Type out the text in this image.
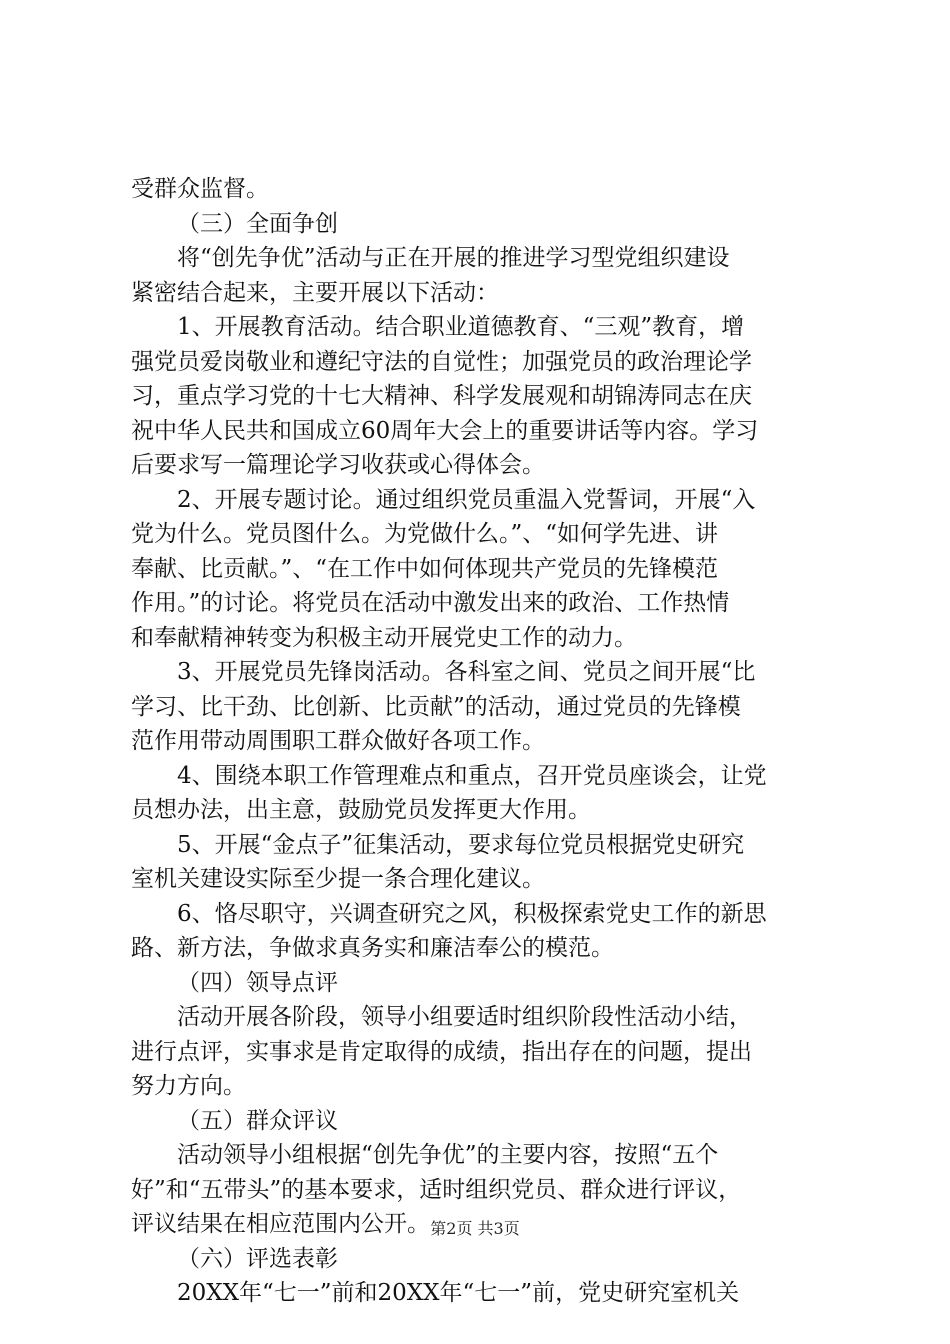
受群众监督。
（三）全面争创
将“创先争优”活动与正在开展的推进学习型党组织建设
紧密结合起来，主要开展以下活动：
1、开展教育活动。结合职业道德教育、“三观”教育，增
强党员爱岗敬业和遵纪守法的自觉性；加强党员的政治理论学
习，重点学习党的十七大精神、科学发展观和胡锦涛同志在庆
祝中华人民共和国成立60周年大会上的重要讲话等内容。学习
后要求写一篇理论学习收获或心得体会。
2、开展专题讨论。通过组织党员重温入党誓词，开展“入
党为什么。党员图什么。为党做什么。”、“如何学先进、讲
奉献、比贡献。”、“在工作中如何体现共产党员的先锋模范
作用。”的讨论。将党员在活动中激发出来的政治、工作热情
和奉献精神转变为积极主动开展党史工作的动力。
3、开展党员先锋岗活动。各科室之间、党员之间开展“比
学习、比干劲、比创新、比贡献”的活动，通过党员的先锋模
范作用带动周围职工群众做好各项工作。
4、围绕本职工作管理难点和重点，召开党员座谈会，让党
员想办法，出主意，鼓励党员发挥更大作用。
5、开展“金点子”征集活动，要求每位党员根据党史研究
室机关建设实际至少提一条合理化建议。
6、恪尽职守，兴调查研究之风，积极探索党史工作的新思
路、新方法，争做求真务实和廉洁奉公的模范。
（四）领导点评
活动开展各阶段，领导小组要适时组织阶段性活动小结，
进行点评，实事求是肯定取得的成绩，指出存在的问题，提出
努力方向。
（五）群众评议
活动领导小组根据“创先争优”的主要内容，按照“五个
好”和“五带头”的基本要求，适时组织党员、群众进行评议，
评议结果在相应范围内公开。
（六）评选表彰
20XX年“七一”前和20XX年“七一”前，党史研究室机关
第2页 共3页
